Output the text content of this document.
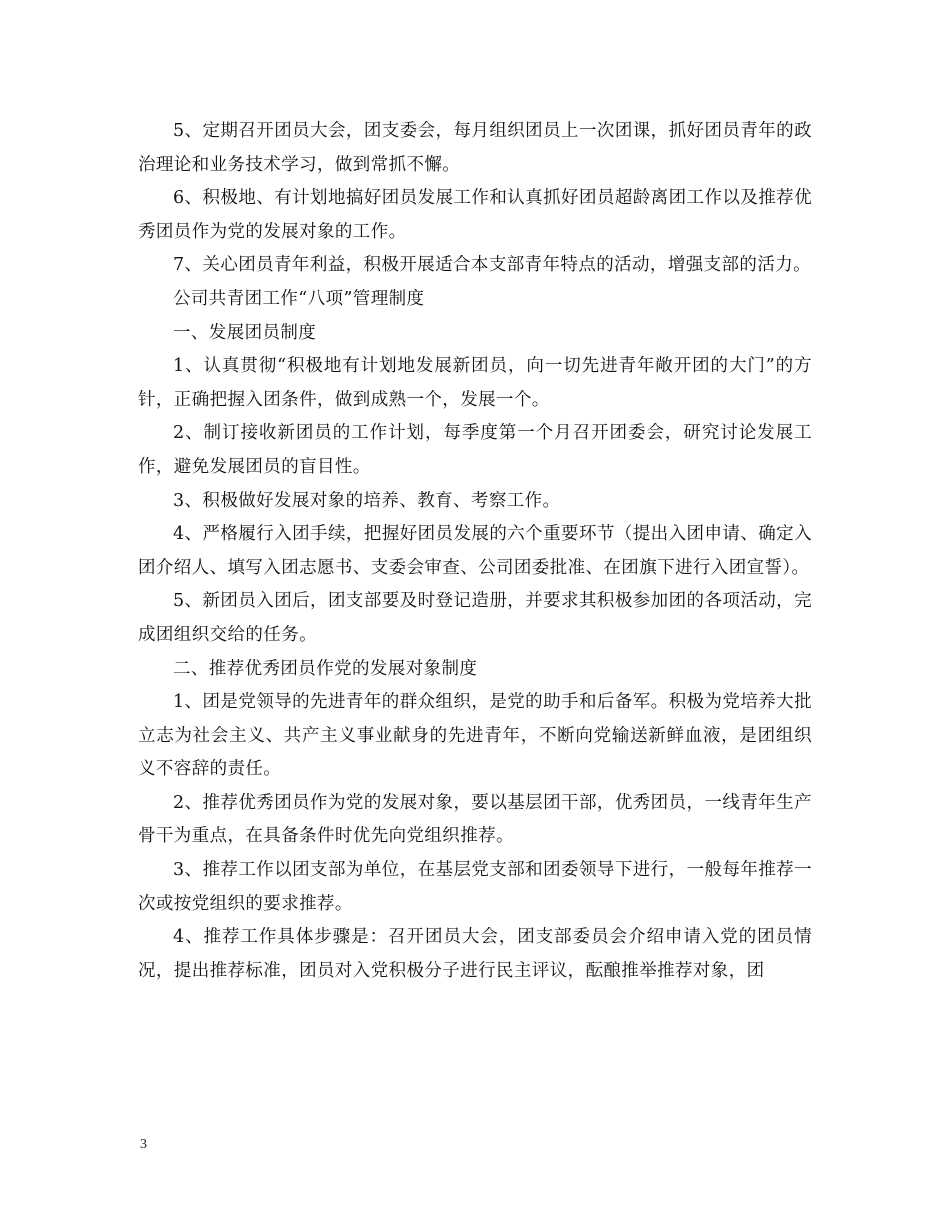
5、定期召开团员大会，团支委会，每月组织团员上一次团课，抓好团员青年的政治理论和业务技术学习，做到常抓不懈。

6、积极地、有计划地搞好团员发展工作和认真抓好团员超龄离团工作以及推荐优秀团员作为党的发展对象的工作。

7、关心团员青年利益，积极开展适合本支部青年特点的活动，增强支部的活力。

公司共青团工作“八项”管理制度

一、发展团员制度

1、认真贯彻“积极地有计划地发展新团员，向一切先进青年敞开团的大门”的方针，正确把握入团条件，做到成熟一个，发展一个。

2、制订接收新团员的工作计划，每季度第一个月召开团委会，研究讨论发展工作，避免发展团员的盲目性。

3、积极做好发展对象的培养、教育、考察工作。

4、严格履行入团手续，把握好团员发展的六个重要环节（提出入团申请、确定入团介绍人、填写入团志愿书、支委会审查、公司团委批准、在团旗下进行入团宣誓）。

5、新团员入团后，团支部要及时登记造册，并要求其积极参加团的各项活动，完成团组织交给的任务。

二、推荐优秀团员作党的发展对象制度

1、团是党领导的先进青年的群众组织，是党的助手和后备军。积极为党培养大批立志为社会主义、共产主义事业献身的先进青年，不断向党输送新鲜血液，是团组织义不容辞的责任。

2、推荐优秀团员作为党的发展对象，要以基层团干部，优秀团员，一线青年生产骨干为重点，在具备条件时优先向党组织推荐。

3、推荐工作以团支部为单位，在基层党支部和团委领导下进行，一般每年推荐一次或按党组织的要求推荐。

4、推荐工作具体步骤是：召开团员大会，团支部委员会介绍申请入党的团员情况，提出推荐标准，团员对入党积极分子进行民主评议，酝酿推举推荐对象，团

3
